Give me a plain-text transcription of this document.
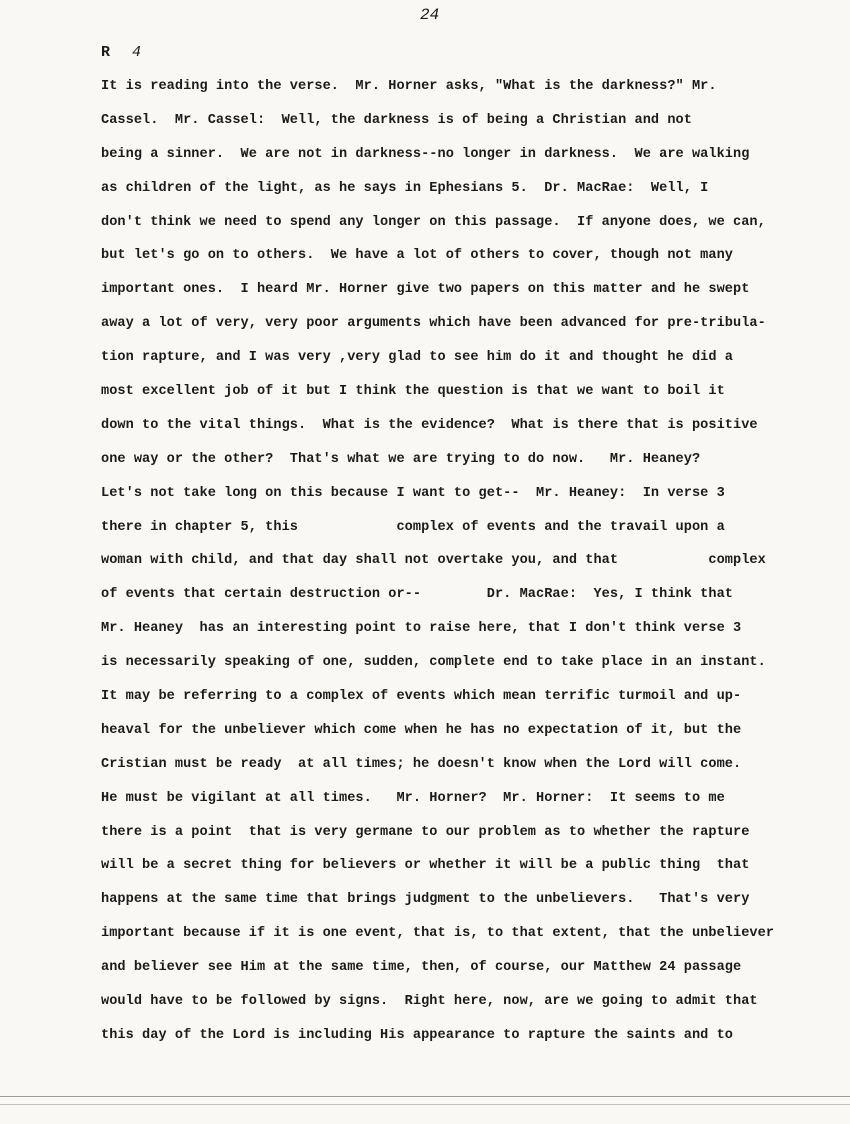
24
R 4
It is reading into the verse.  Mr. Horner asks, "What is the darkness?" Mr.
Cassel.  Mr. Cassel:  Well, the darkness is of being a Christian and not
being a sinner.  We are not in darkness--no longer in darkness.  We are walking
as children of the light, as he says in Ephesians 5.  Dr. MacRae:  Well, I
don't think we need to spend any longer on this passage.  If anyone does, we can,
but let's go on to others.  We have a lot of others to cover, though not many
important ones.  I heard Mr. Horner give two papers on this matter and he swept
away a lot of very, very poor arguments which have been advanced for pre-tribula-
tion rapture, and I was very ,very glad to see him do it and thought he did a
most excellent job of it but I think the question is that we want to boil it
down to the vital things.  What is the evidence?  What is there that is positive
one way or the other?  That's what we are trying to do now.   Mr. Heaney?
Let's not take long on this because I want to get--  Mr. Heaney:  In verse 3
there in chapter 5, this            complex of events and the travail upon a
woman with child, and that day shall not overtake you, and that           complex
of events that certain destruction or--        Dr. MacRae:  Yes, I think that
Mr. Heaney  has an interesting point to raise here, that I don't think verse 3
is necessarily speaking of one, sudden, complete end to take place in an instant.
It may be referring to a complex of events which mean terrific turmoil and up-
heaval for the unbeliever which come when he has no expectation of it, but the
Cristian must be ready  at all times; he doesn't know when the Lord will come.
He must be vigilant at all times.   Mr. Horner?  Mr. Horner:  It seems to me
there is a point  that is very germane to our problem as to whether the rapture
will be a secret thing for believers or whether it will be a public thing  that
happens at the same time that brings judgment to the unbelievers.   That's very
important because if it is one event, that is, to that extent, that the unbeliever
and believer see Him at the same time, then, of course, our Matthew 24 passage
would have to be followed by signs.  Right here, now, are we going to admit that
this day of the Lord is including His appearance to rapture the saints and to
